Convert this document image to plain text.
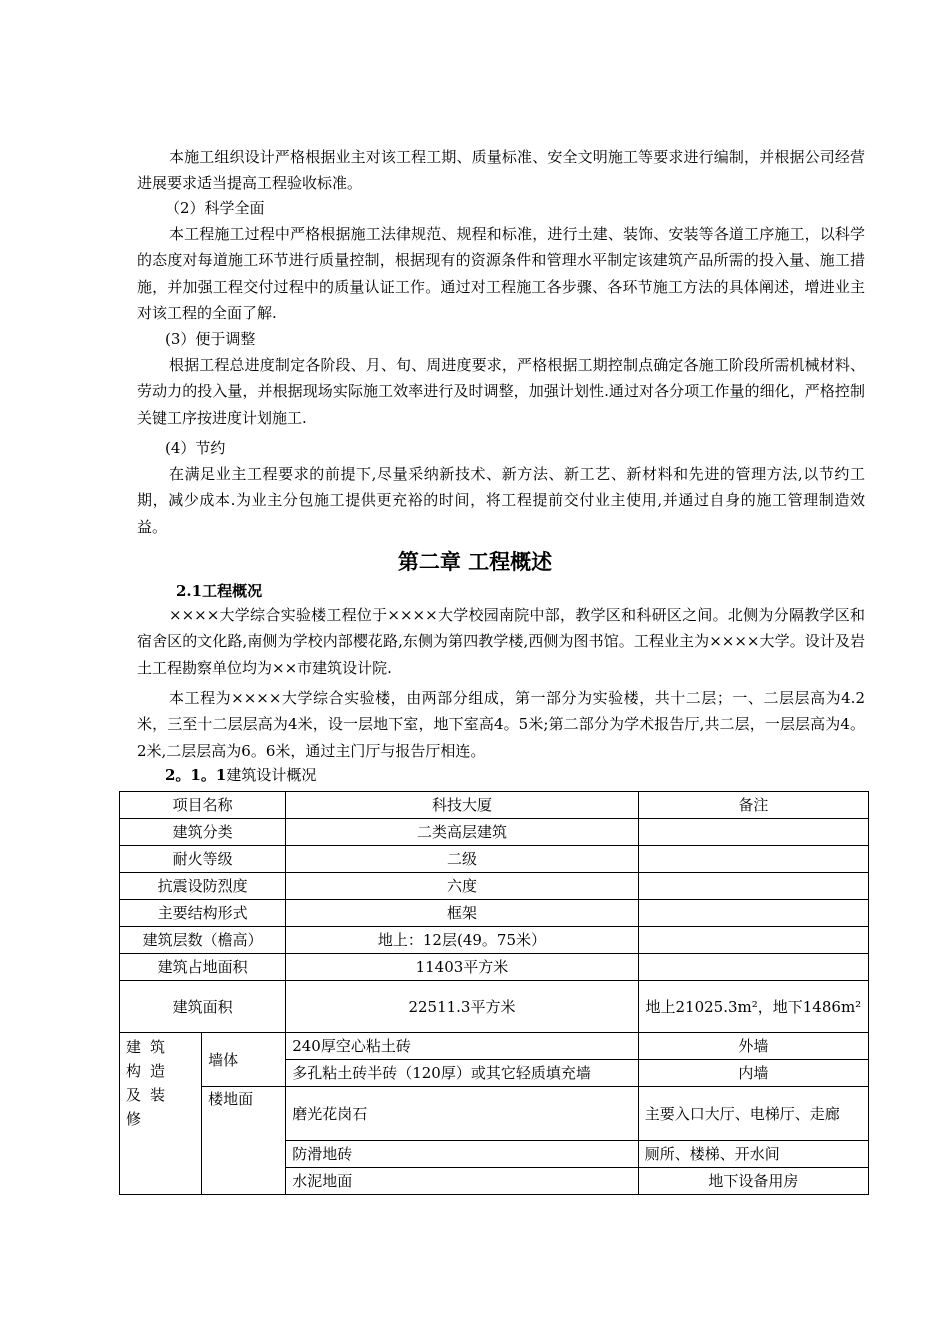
本施工组织设计严格根据业主对该工程工期、质量标准、安全文明施工等要求进行编制，并根据公司经营进展要求适当提高工程验收标准。

（2）科学全面

本工程施工过程中严格根据施工法律规范、规程和标准，进行土建、装饰、安装等各道工序施工，以科学的态度对每道施工环节进行质量控制，根据现有的资源条件和管理水平制定该建筑产品所需的投入量、施工措施，并加强工程交付过程中的质量认证工作。通过对工程施工各步骤、各环节施工方法的具体阐述，增进业主对该工程的全面了解.

(3）便于调整

根据工程总进度制定各阶段、月、旬、周进度要求，严格根据工期控制点确定各施工阶段所需机械材料、劳动力的投入量，并根据现场实际施工效率进行及时调整，加强计划性.通过对各分项工作量的细化，严格控制关键工序按进度计划施工.

(4）节约

在满足业主工程要求的前提下,尽量采纳新技术、新方法、新工艺、新材料和先进的管理方法,以节约工期，减少成本.为业主分包施工提供更充裕的时间，将工程提前交付业主使用,并通过自身的施工管理制造效益。

第二章 工程概述

2.1工程概况

××××大学综合实验楼工程位于××××大学校园南院中部，教学区和科研区之间。北侧为分隔教学区和宿舍区的文化路,南侧为学校内部樱花路,东侧为第四教学楼,西侧为图书馆。工程业主为××××大学。设计及岩土工程勘察单位均为××市建筑设计院.

本工程为××××大学综合实验楼，由两部分组成，第一部分为实验楼，共十二层；一、二层层高为4.2米，三至十二层层高为4米，设一层地下室，地下室高4。5米;第二部分为学术报告厅,共二层，一层层高为4。2米,二层层高为6。6米，通过主门厅与报告厅相连。

2。1。1建筑设计概况

项目名称		科技大厦	备注
建筑分类		二类高层建筑	
耐火等级		二级	
抗震设防烈度		六度	
主要结构形式		框架	
建筑层数（檐高）		地上：12层(49。75米）	
建筑占地面积		11403平方米	
建筑面积		22511.3平方米	地上21025.3m²，地下1486m²
建筑构造及装修	墙体	240厚空心粘土砖	外墙
		多孔粘土砖半砖（120厚）或其它轻质填充墙	内墙
	楼地面	磨光花岗石	主要入口大厅、电梯厅、走廊
		防滑地砖	厕所、楼梯、开水间
		水泥地面	地下设备用房
